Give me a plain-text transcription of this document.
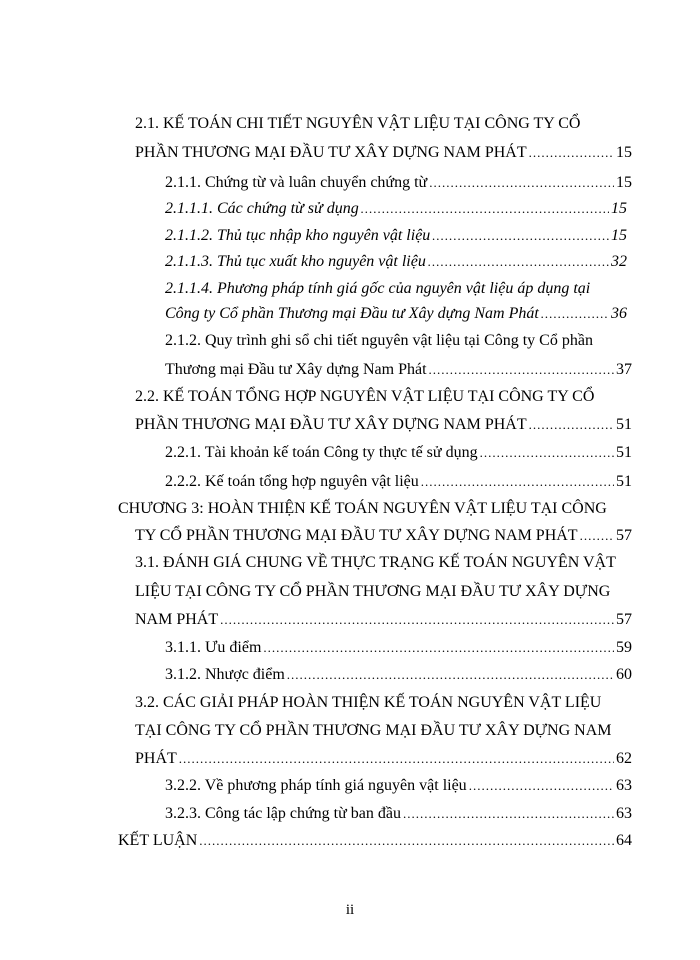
2.1. KẾ TOÁN CHI TIẾT NGUYÊN VẬT LIỆU TẠI CÔNG TY CỔ
PHẦN THƯƠNG MẠI ĐẦU TƯ XÂY DỰNG NAM PHÁT .....	15
2.1.1. Chứng từ và luân chuyển chứng từ .....	15
2.1.1.1. Các chứng từ sử dụng .....	15
2.1.1.2. Thủ tục nhập kho nguyên vật liệu .....	15
2.1.1.3. Thủ tục xuất kho nguyên vật liệu .....	32
2.1.1.4. Phương pháp tính giá gốc của nguyên vật liệu áp dụng tại
Công ty Cổ phần Thương mại Đầu tư Xây dựng Nam Phát .....	36
2.1.2. Quy trình ghi sổ chi tiết nguyên vật liệu tại Công ty Cổ phần
Thương mại Đầu tư Xây dựng Nam Phát .....	37
2.2. KẾ TOÁN TỔNG HỢP NGUYÊN VẬT LIỆU TẠI CÔNG TY CỔ
PHẦN THƯƠNG MẠI ĐẦU TƯ XÂY DỰNG NAM PHÁT .....	51
2.2.1. Tài khoản kế toán Công ty thực tế sử dụng .....	51
2.2.2. Kế toán tổng hợp nguyên vật liệu .....	51
CHƯƠNG 3: HOÀN THIỆN KẾ TOÁN NGUYÊN VẬT LIỆU TẠI CÔNG
TY CỔ PHẦN THƯƠNG MẠI ĐẦU TƯ XÂY DỰNG NAM PHÁT ..... 57
3.1. ĐÁNH GIÁ CHUNG VỀ THỰC TRẠNG KẾ TOÁN NGUYÊN VẬT
LIỆU TẠI CÔNG TY CỔ PHẦN THƯƠNG MẠI ĐẦU TƯ XÂY DỰNG
NAM PHÁT .....	57
3.1.1. Ưu điểm .....	59
3.1.2. Nhược điểm .....	60
3.2. CÁC GIẢI PHÁP HOÀN THIỆN KẾ TOÁN NGUYÊN VẬT LIỆU
TẠI CÔNG TY CỔ PHẦN THƯƠNG MẠI ĐẦU TƯ XÂY DỰNG NAM
PHÁT .....	62
3.2.2. Về phương pháp tính giá nguyên vật liệu .....	63
3.2.3. Công tác lập chứng từ ban đầu .....	63
KẾT LUẬN .....	64
ii
